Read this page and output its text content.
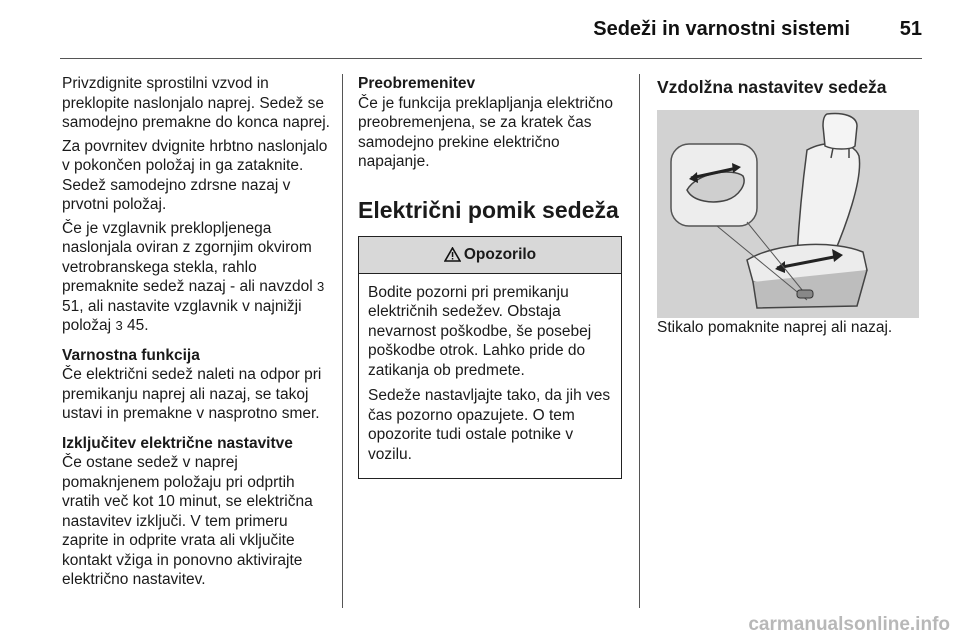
Sedeži in varnostni sistemi	51

Privzdignite sprostilni vzvod in preklopite naslonjalo naprej. Sedež se samodejno premakne do konca naprej.

Za povrnitev dvignite hrbtno naslonjalo v pokončen položaj in ga zataknite. Sedež samodejno zdrsne nazaj v prvotni položaj.

Če je vzglavnik preklopljenega naslonjala oviran z zgornjim okvirom vetrobranskega stekla, rahlo premaknite sedež nazaj - ali navzdol 3 51, ali nastavite vzglavnik v najnižji položaj 3 45.

Varnostna funkcija

Če električni sedež naleti na odpor pri premikanju naprej ali nazaj, se takoj ustavi in premakne v nasprotno smer.

Izključitev električne nastavitve

Če ostane sedež v naprej pomaknjenem položaju pri odprtih vratih več kot 10 minut, se električna nastavitev izključi. V tem primeru zaprite in odprite vrata ali vključite kontakt vžiga in ponovno aktivirajte električno nastavitev.

Preobremenitev

Če je funkcija preklapljanja električno preobremenjena, se za kratek čas samodejno prekine električno napajanje.

Električni pomik sedeža
Opozorilo

Bodite pozorni pri premikanju električnih sedežev. Obstaja nevarnost poškodbe, še posebej poškodbe otrok. Lahko pride do zatikanja ob predmete.

Sedeže nastavljajte tako, da jih ves čas pozorno opazujete. O tem opozorite tudi ostale potnike v vozilu.

Vzdolžna nastavitev sedeža

Stikalo pomaknite naprej ali nazaj.

carmanualsonline.info
